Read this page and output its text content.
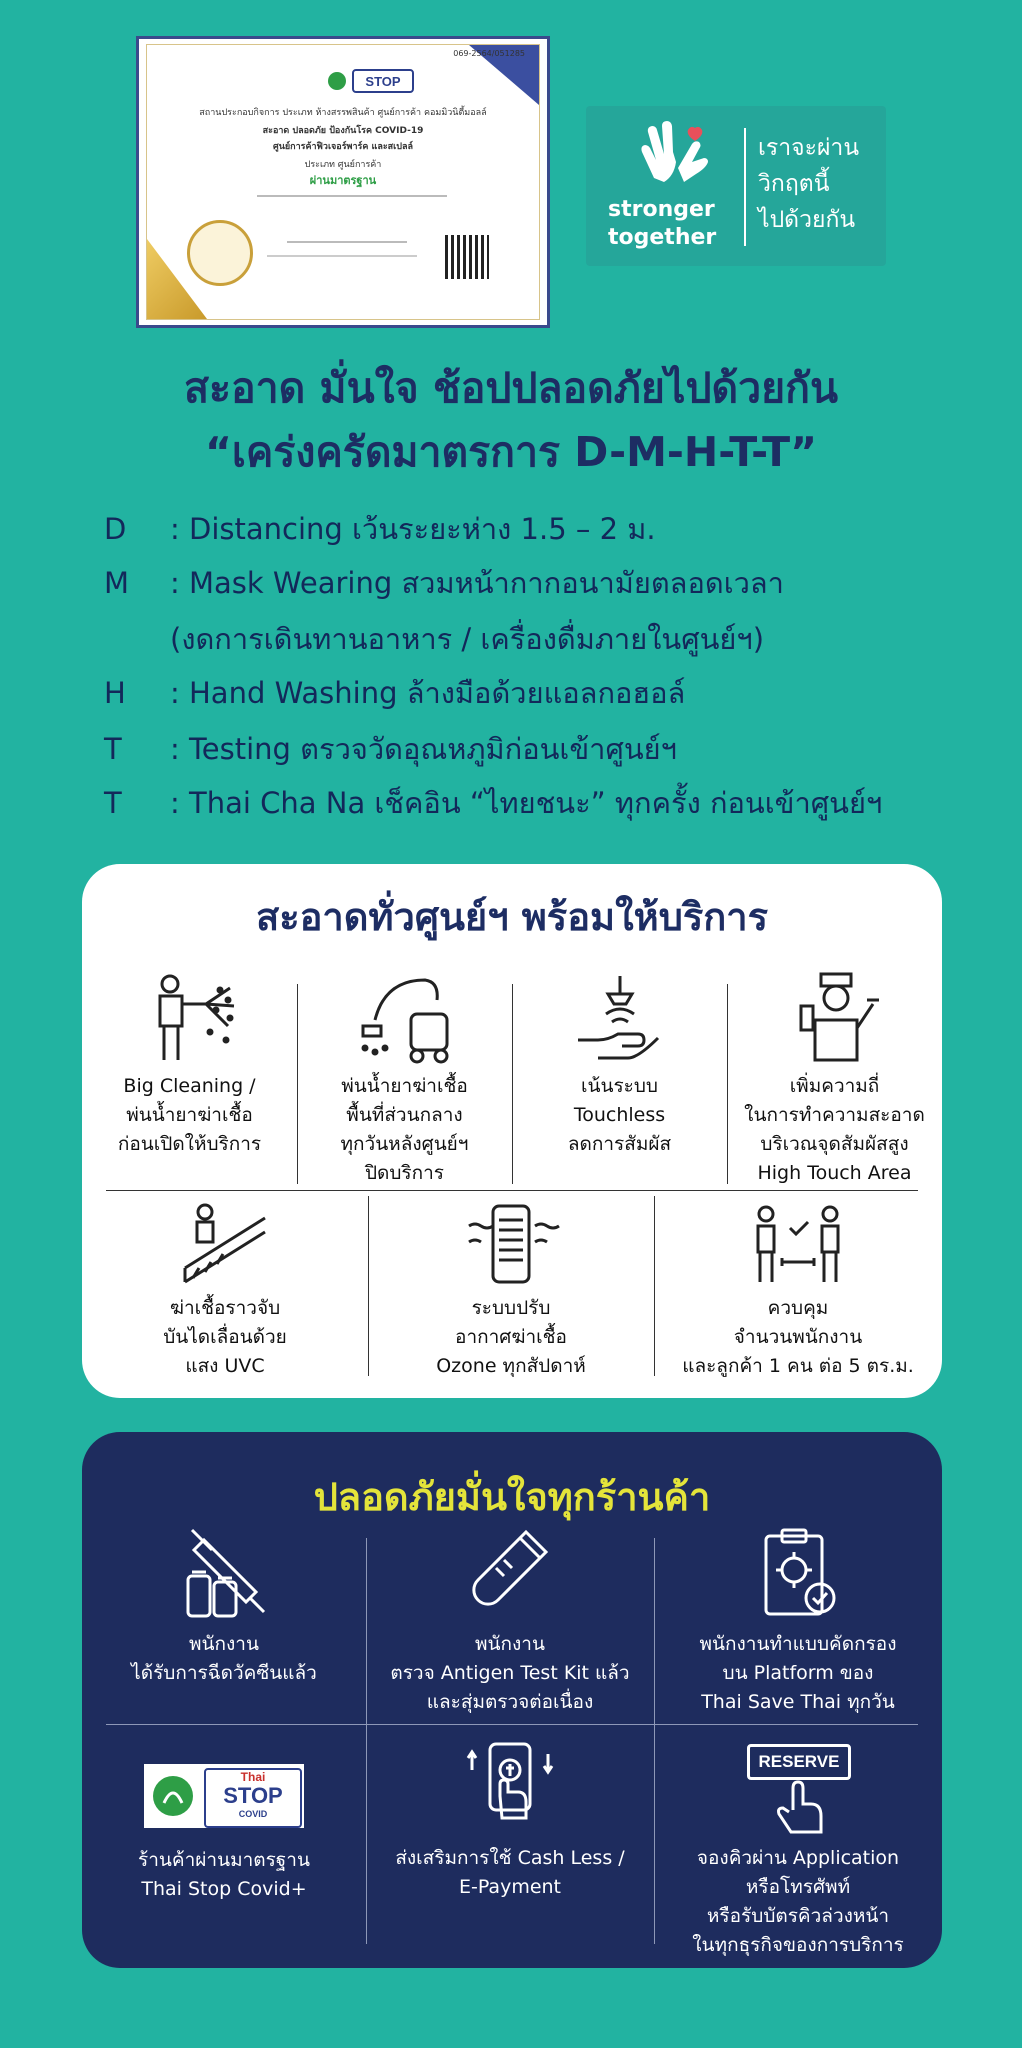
069-2564/051285
STOP
สถานประกอบกิจการ ประเภท ห้างสรรพสินค้า ศูนย์การค้า คอมมิวนิตี้มอลล์
สะอาด ปลอดภัย ป้องกันโรค COVID-19
ศูนย์การค้าฟิวเจอร์พาร์ค และสเปลล์
ประเภท ศูนย์การค้า
ผ่านมาตรฐาน
stronger
together
เราจะผ่าน
วิกฤตนี้
ไปด้วยกัน
สะอาด มั่นใจ ช้อปปลอดภัยไปด้วยกัน
“เคร่งครัดมาตรการ D-M-H-T-T”
D : Distancing เว้นระยะห่าง 1.5 – 2 ม.
M : Mask Wearing สวมหน้ากากอนามัยตลอดเวลา
(งดการเดินทานอาหาร / เครื่องดื่มภายในศูนย์ฯ)
H : Hand Washing ล้างมือด้วยแอลกอฮอล์
T : Testing ตรวจวัดอุณหภูมิก่อนเข้าศูนย์ฯ
T : Thai Cha Na เช็คอิน “ไทยชนะ” ทุกครั้ง ก่อนเข้าศูนย์ฯ
สะอาดทั่วศูนย์ฯ พร้อมให้บริการ
Big Cleaning /
พ่นน้ำยาฆ่าเชื้อ
ก่อนเปิดให้บริการ
พ่นน้ำยาฆ่าเชื้อ
พื้นที่ส่วนกลาง
ทุกวันหลังศูนย์ฯ
ปิดบริการ
เน้นระบบ
Touchless
ลดการสัมผัส
เพิ่มความถี่
ในการทำความสะอาด
บริเวณจุดสัมผัสสูง
High Touch Area
ฆ่าเชื้อราวจับ
บันไดเลื่อนด้วย
แสง UVC
ระบบปรับ
อากาศฆ่าเชื้อ
Ozone ทุกสัปดาห์
ควบคุม
จำนวนพนักงาน
และลูกค้า 1 คน ต่อ 5 ตร.ม.
ปลอดภัยมั่นใจทุกร้านค้า
พนักงาน
ได้รับการฉีดวัคซีนแล้ว
พนักงาน
ตรวจ Antigen Test Kit แล้ว
และสุ่มตรวจต่อเนื่อง
พนักงานทำแบบคัดกรอง
บน Platform ของ
Thai Save Thai ทุกวัน
Thai
STOP
COVID
ร้านค้าผ่านมาตรฐาน
Thai Stop Covid+
ส่งเสริมการใช้ Cash Less /
E-Payment
RESERVE
จองคิวผ่าน Application
หรือโทรศัพท์
หรือรับบัตรคิวล่วงหน้า
ในทุกธุรกิจของการบริการ
